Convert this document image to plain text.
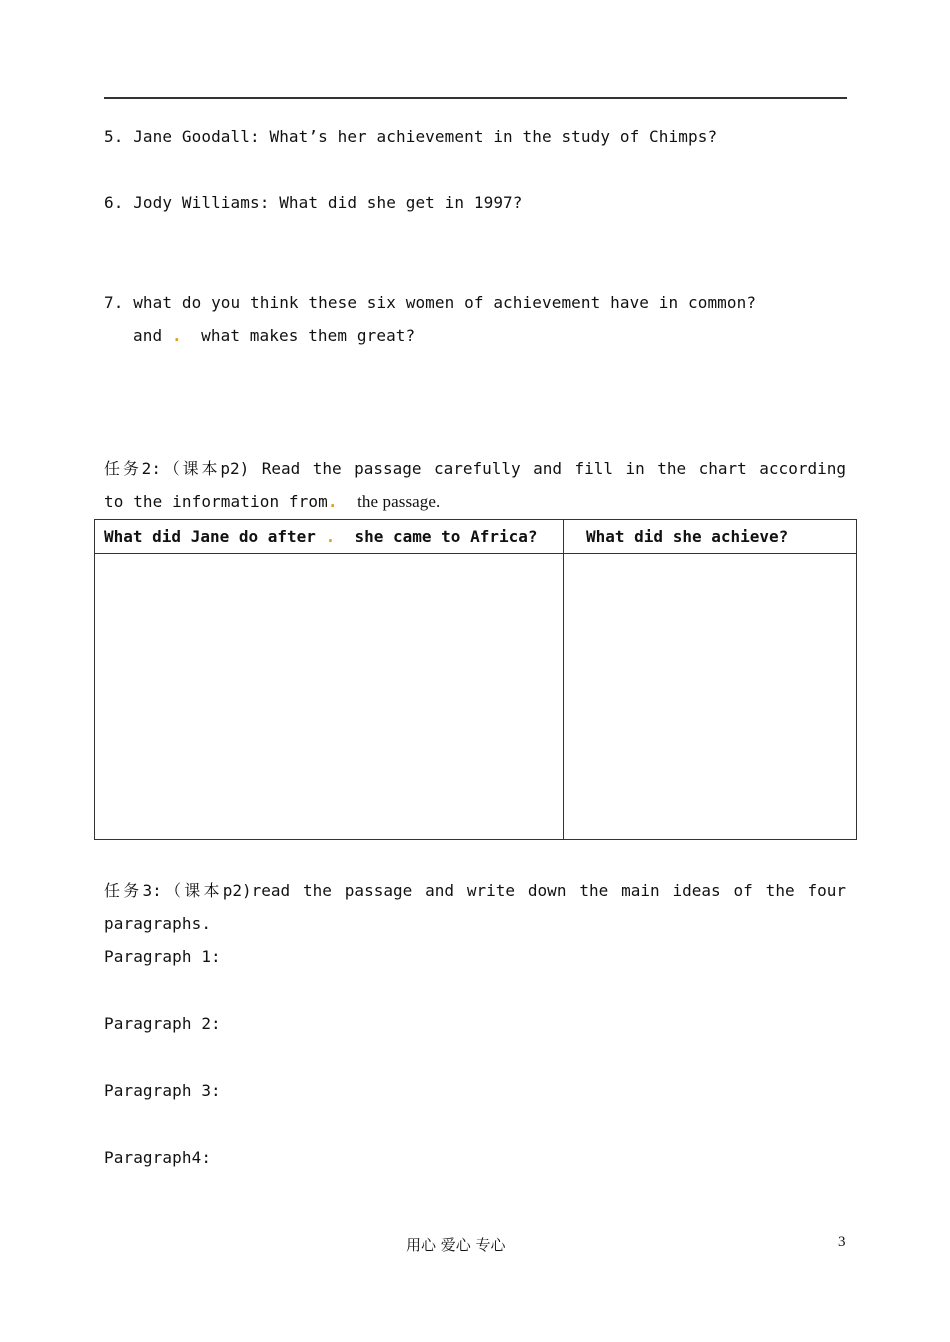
5. Jane Goodall: What’s her achievement in the study of Chimps?
6. Jody Williams: What did she get in 1997?
7. what do you think these six women of achievement have in common?
and . what makes them great?
任务2:（课本p2) Read the passage carefully and fill in the chart according
to the information from. the passage.
What did Jane do after . she came to Africa?	What did she achieve?

任务3:（课本p2)read the passage and write down the main ideas of the four
paragraphs.
Paragraph 1:
Paragraph 2:
Paragraph 3:
Paragraph4:
用心 爱心 专心	3
